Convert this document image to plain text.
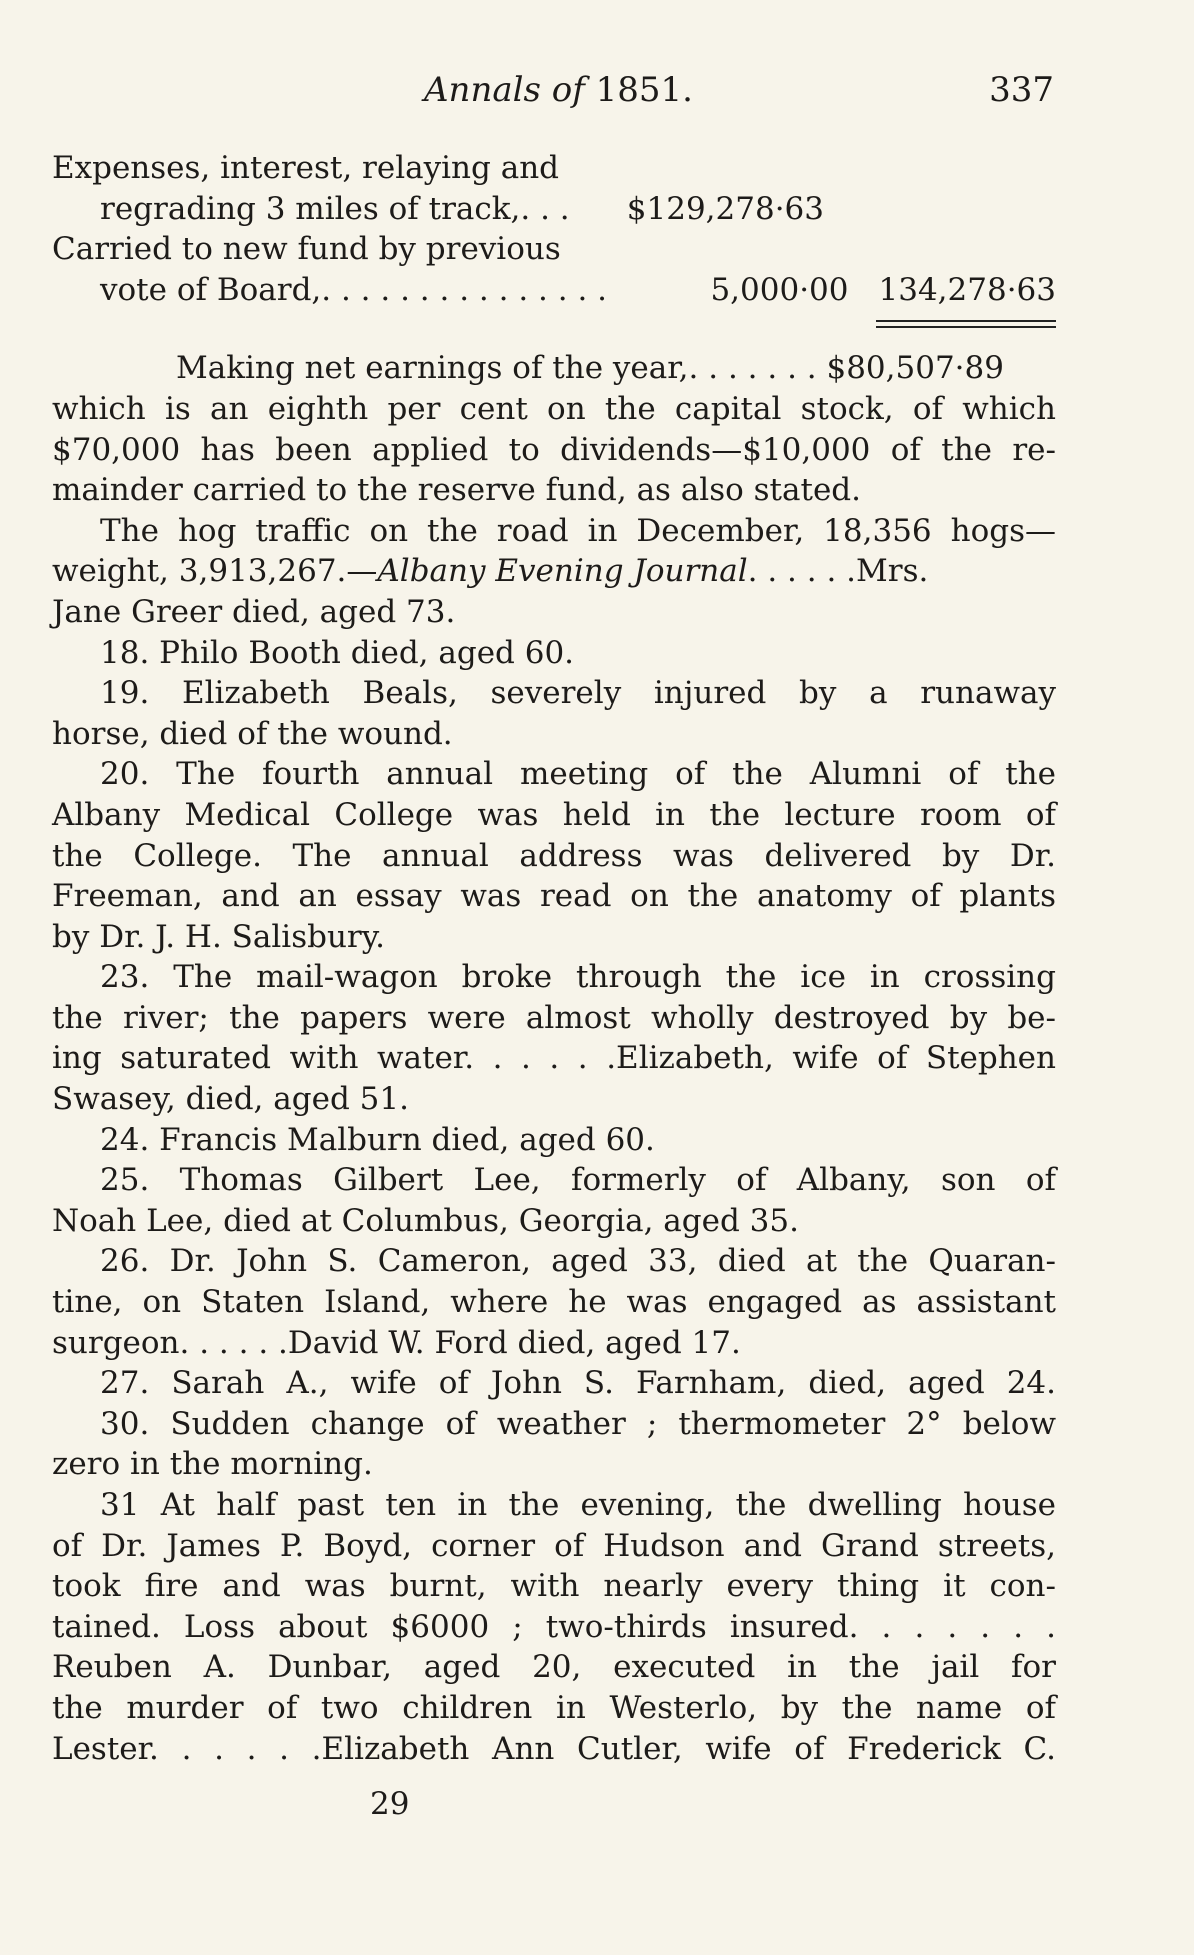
Annals of 1851.	337
Expenses, interest, relaying and
regrading 3 miles of track,. . .	$129,278·63
Carried to new fund by previous
vote of Board,. . . . . . . . . . . . . . .	5,000·00 134,278·63
Making net earnings of the year,. . . . . . . $80,507·89
which is an eighth per cent on the capital stock, of which
$70,000 has been applied to dividends—$10,000 of the re-
mainder carried to the reserve fund, as also stated.
The hog traffic on the road in December, 18,356 hogs—
weight, 3,913,267.—Albany Evening Journal. . . . . .Mrs.
Jane Greer died, aged 73.
18. Philo Booth died, aged 60.
19. Elizabeth Beals, severely injured by a runaway
horse, died of the wound.
20. The fourth annual meeting of the Alumni of the
Albany Medical College was held in the lecture room of
the College. The annual address was delivered by Dr.
Freeman, and an essay was read on the anatomy of plants
by Dr. J. H. Salisbury.
23. The mail-wagon broke through the ice in crossing
the river; the papers were almost wholly destroyed by be-
ing saturated with water. . . . . .Elizabeth, wife of Stephen
Swasey, died, aged 51.
24. Francis Malburn died, aged 60.
25. Thomas Gilbert Lee, formerly of Albany, son of
Noah Lee, died at Columbus, Georgia, aged 35.
26. Dr. John S. Cameron, aged 33, died at the Quaran-
tine, on Staten Island, where he was engaged as assistant
surgeon. . . . . .David W. Ford died, aged 17.
27. Sarah A., wife of John S. Farnham, died, aged 24.
30. Sudden change of weather ; thermometer 2° below
zero in the morning.
31 At half past ten in the evening, the dwelling house
of Dr. James P. Boyd, corner of Hudson and Grand streets,
took fire and was burnt, with nearly every thing it con-
tained. Loss about $6000 ; two-thirds insured. . . . . . .
Reuben A. Dunbar, aged 20, executed in the jail for
the murder of two children in Westerlo, by the name of
Lester. . . . . .Elizabeth Ann Cutler, wife of Frederick C.
29
